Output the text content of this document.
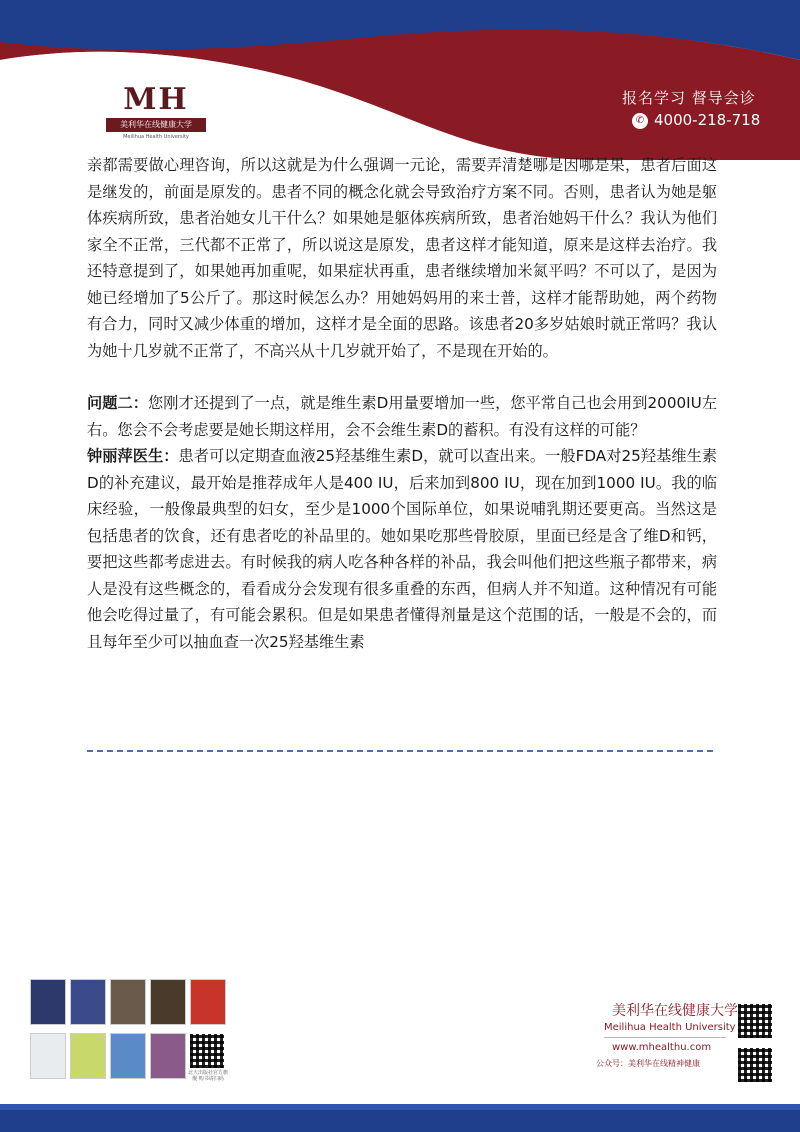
MH
美利华在线健康大学
Meilihua Health University
报名学习 督导会诊
✆ 4000-218-718

亲都需要做心理咨询，所以这就是为什么强调一元论，需要弄清楚哪是因哪是果，患者后面这是继发的，前面是原发的。患者不同的概念化就会导致治疗方案不同。否则，患者认为她是躯体疾病所致，患者治她女儿干什么？如果她是躯体疾病所致，患者治她妈干什么？我认为他们家全不正常，三代都不正常了，所以说这是原发，患者这样才能知道，原来是这样去治疗。我还特意提到了，如果她再加重呢，如果症状再重，患者继续增加米氮平吗？不可以了，是因为她已经增加了5公斤了。那这时候怎么办？用她妈妈用的来士普，这样才能帮助她，两个药物有合力，同时又减少体重的增加，这样才是全面的思路。该患者20多岁姑娘时就正常吗？我认为她十几岁就不正常了，不高兴从十几岁就开始了，不是现在开始的。

问题二：您刚才还提到了一点，就是维生素D用量要增加一些，您平常自己也会用到2000IU左右。您会不会考虑要是她长期这样用，会不会维生素D的蓄积。有没有这样的可能？
钟丽萍医生：患者可以定期查血液25羟基维生素D，就可以查出来。一般FDA对25羟基维生素D的补充建议，最开始是推荐成年人是400 IU，后来加到800 IU，现在加到1000 IU。我的临床经验，一般像最典型的妇女，至少是1000个国际单位，如果说哺乳期还要更高。当然这是包括患者的饮食，还有患者吃的补品里的。她如果吃那些骨胶原，里面已经是含了维D和钙，要把这些都考虑进去。有时候我的病人吃各种各样的补品，我会叫他们把这些瓶子都带来，病人是没有这些概念的，看看成分会发现有很多重叠的东西，但病人并不知道。这种情况有可能他会吃得过量了，有可能会累积。但是如果患者懂得剂量是这个范围的话，一般是不会的，而且每年至少可以抽血查一次25羟基维生素

北大出版社官方旗舰 购书请扫码
美利华在线健康大学
Meilihua Health University
www.mhealthu.com
公众号：美利华在线精神健康
